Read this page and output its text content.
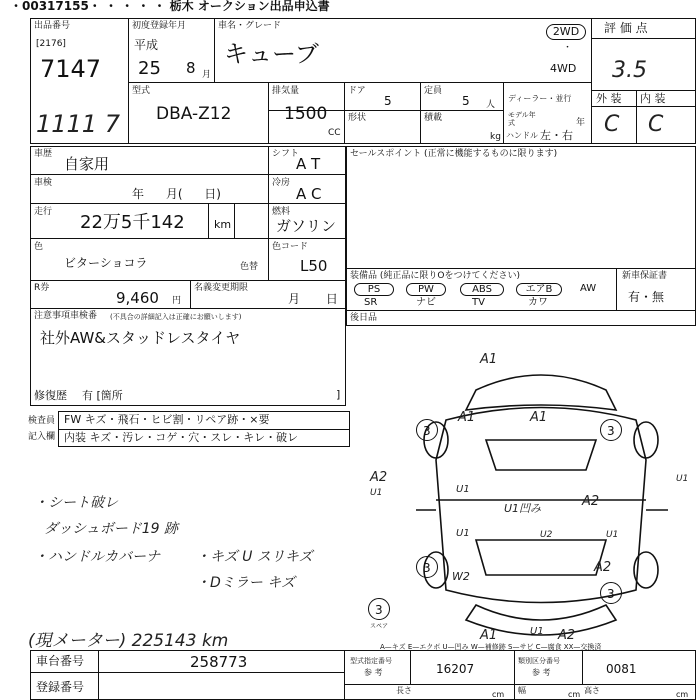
・00317155・ ・ ・ ・ ・ 栃木 オークション出品申込書
出品番号
[2176]
7147
1111 7
初度登録年月
平成
25 8 月
車名・グレード
キューブ
2WD
・
4WD
評 価 点
3.5
外 装 内 装
C C
型式
DBA-Z12
排気量
1500
CC
ドア
5
定員
5 人
形状	積載
kg
ディーラー・並行
モデル年式	年
ハンドル 左・右
車歴
自家用
シフト
A T
車検
年 月( 日)
冷房
A C
走行 22万5千142	km
燃料
ガソリン
色
ビターショコラ	色替
色コード
L50
R券
9,460 円
名義変更期限
月 日
注意事項車検番 (不具合の詳細記入は正確にお願いします)
社外AW&スタッドレスタイヤ
修復歴 有 [箇所	]
セールスポイント (正常に機能するものに限ります)
装備品 (純正品に限りOをつけてください)	新車保証書
有・無
PS	PW	ABS	エアB	AW
SR	ナビ	TV	カワ
後日品
検査員
記入欄
FW キズ・飛石・ヒビ割・リペア跡・×要
内装 キズ・汚レ・コゲ・穴・スレ・キレ・破レ
・シート破レ
ダッシュボード19 跡
・ハンドルカバーナ	・キズ U スリキズ
・Dミラー キズ
(現メーター) 225143 km
A1
A1	A1
A2
A2
A2
U1	U1
U1
U1
U1
U2
U1凹み
W2
3	3
3
3
3
スペア
A1	U1 A2
A—キズ E—エクボ U—凹み W—補修跡 S—サビ C—腐食 XX—交換済
車台番号	258773
登録番号
型式指定番号
参 考	16207
類別区分番号
参 考	0081
長さ	cm 幅	cm 高さ	cm
